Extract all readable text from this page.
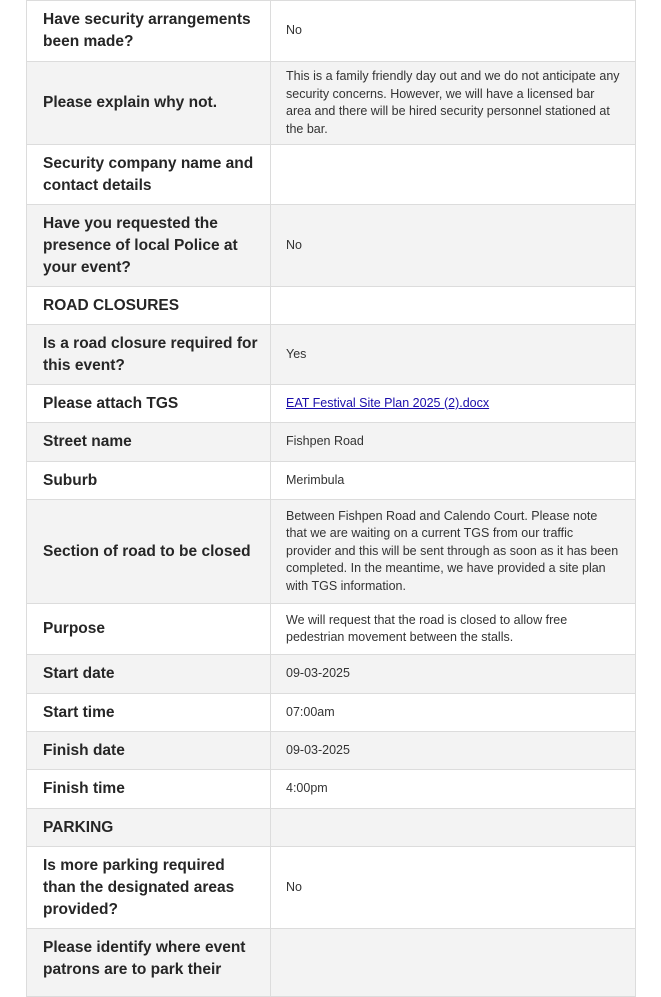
Have security arrangements been made?	No
Please explain why not.	This is a family friendly day out and we do not anticipate any security concerns. However, we will have a licensed bar area and there will be hired security personnel stationed at the bar.
Security company name and contact details	
Have you requested the presence of local Police at your event?	No
ROAD CLOSURES	
Is a road closure required for this event?	Yes
Please attach TGS	EAT Festival Site Plan 2025 (2).docx
Street name	Fishpen Road
Suburb	Merimbula
Section of road to be closed	Between Fishpen Road and Calendo Court. Please note that we are waiting on a current TGS from our traffic provider and this will be sent through as soon as it has been completed. In the meantime, we have provided a site plan with TGS information.
Purpose	We will request that the road is closed to allow free pedestrian movement between the stalls.
Start date	09-03-2025
Start time	07:00am
Finish date	09-03-2025
Finish time	4:00pm
PARKING	
Is more parking required than the designated areas provided?	No
Please identify where event patrons are to park their	
